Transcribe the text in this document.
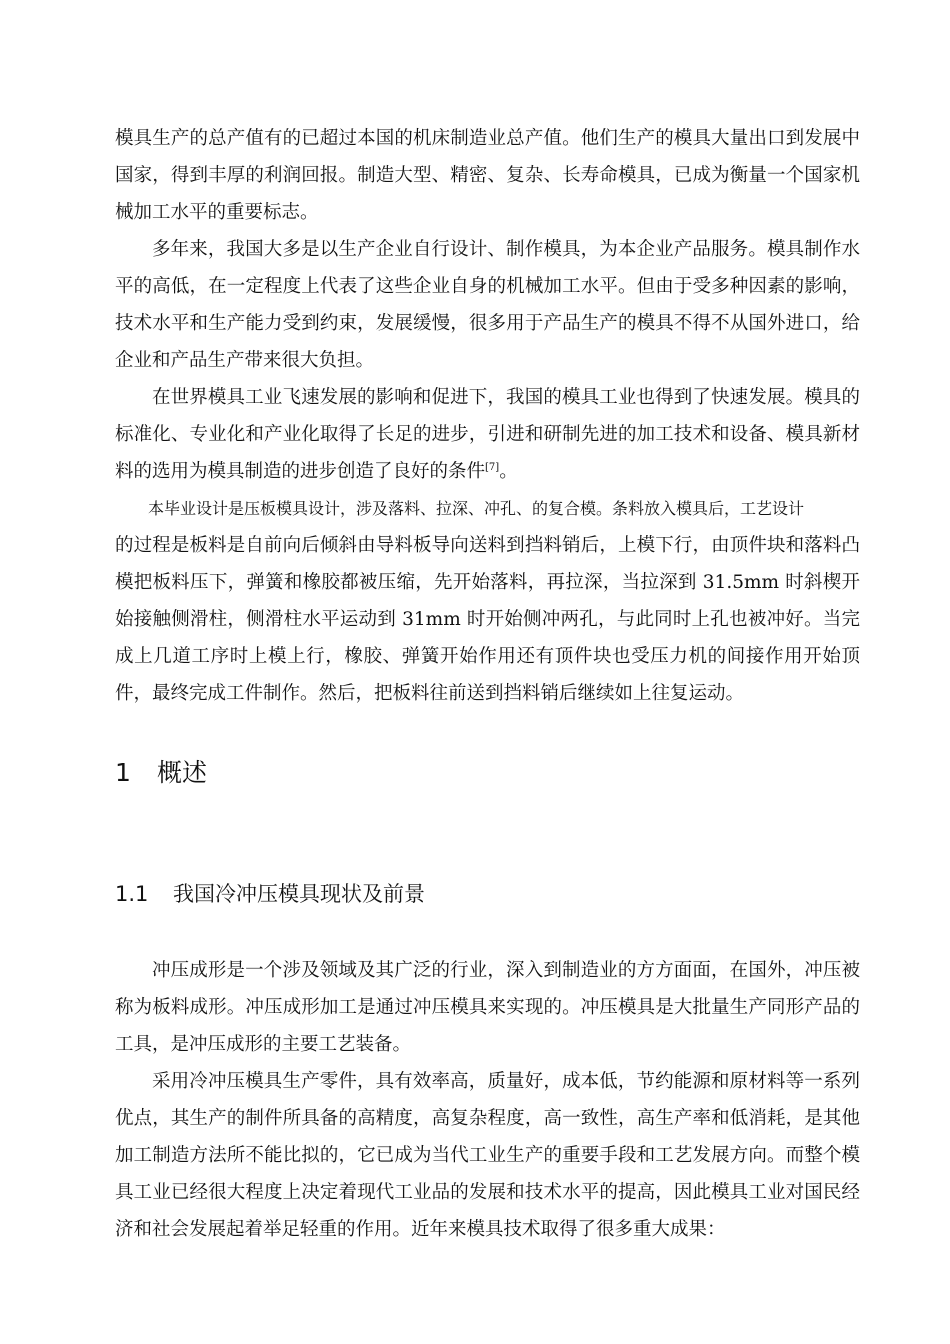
模具生产的总产值有的已超过本国的机床制造业总产值。他们生产的模具大量出口到发展中国家，得到丰厚的利润回报。制造大型、精密、复杂、长寿命模具，已成为衡量一个国家机械加工水平的重要标志。

多年来，我国大多是以生产企业自行设计、制作模具，为本企业产品服务。模具制作水平的高低，在一定程度上代表了这些企业自身的机械加工水平。但由于受多种因素的影响，技术水平和生产能力受到约束，发展缓慢，很多用于产品生产的模具不得不从国外进口，给企业和产品生产带来很大负担。

在世界模具工业飞速发展的影响和促进下，我国的模具工业也得到了快速发展。模具的标准化、专业化和产业化取得了长足的进步，引进和研制先进的加工技术和设备、模具新材料的选用为模具制造的进步创造了良好的条件[7]。

本毕业设计是压板模具设计，涉及落料、拉深、冲孔、的复合模。条料放入模具后，工艺设计
的过程是板料是自前向后倾斜由导料板导向送料到挡料销后，上模下行，由顶件块和落料凸模把板料压下，弹簧和橡胶都被压缩，先开始落料，再拉深，当拉深到 31.5mm 时斜楔开始接触侧滑柱，侧滑柱水平运动到 31mm 时开始侧冲两孔，与此同时上孔也被冲好。当完成上几道工序时上模上行，橡胶、弹簧开始作用还有顶件块也受压力机的间接作用开始顶件，最终完成工件制作。然后，把板料往前送到挡料销后继续如上往复运动。
1 概述
1.1 我国冷冲压模具现状及前景

冲压成形是一个涉及领域及其广泛的行业，深入到制造业的方方面面，在国外，冲压被称为板料成形。冲压成形加工是通过冲压模具来实现的。冲压模具是大批量生产同形产品的工具，是冲压成形的主要工艺装备。

采用冷冲压模具生产零件，具有效率高，质量好，成本低，节约能源和原材料等一系列优点，其生产的制件所具备的高精度，高复杂程度，高一致性，高生产率和低消耗，是其他加工制造方法所不能比拟的，它已成为当代工业生产的重要手段和工艺发展方向。而整个模具工业已经很大程度上决定着现代工业品的发展和技术水平的提高，因此模具工业对国民经济和社会发展起着举足轻重的作用。近年来模具技术取得了很多重大成果：
